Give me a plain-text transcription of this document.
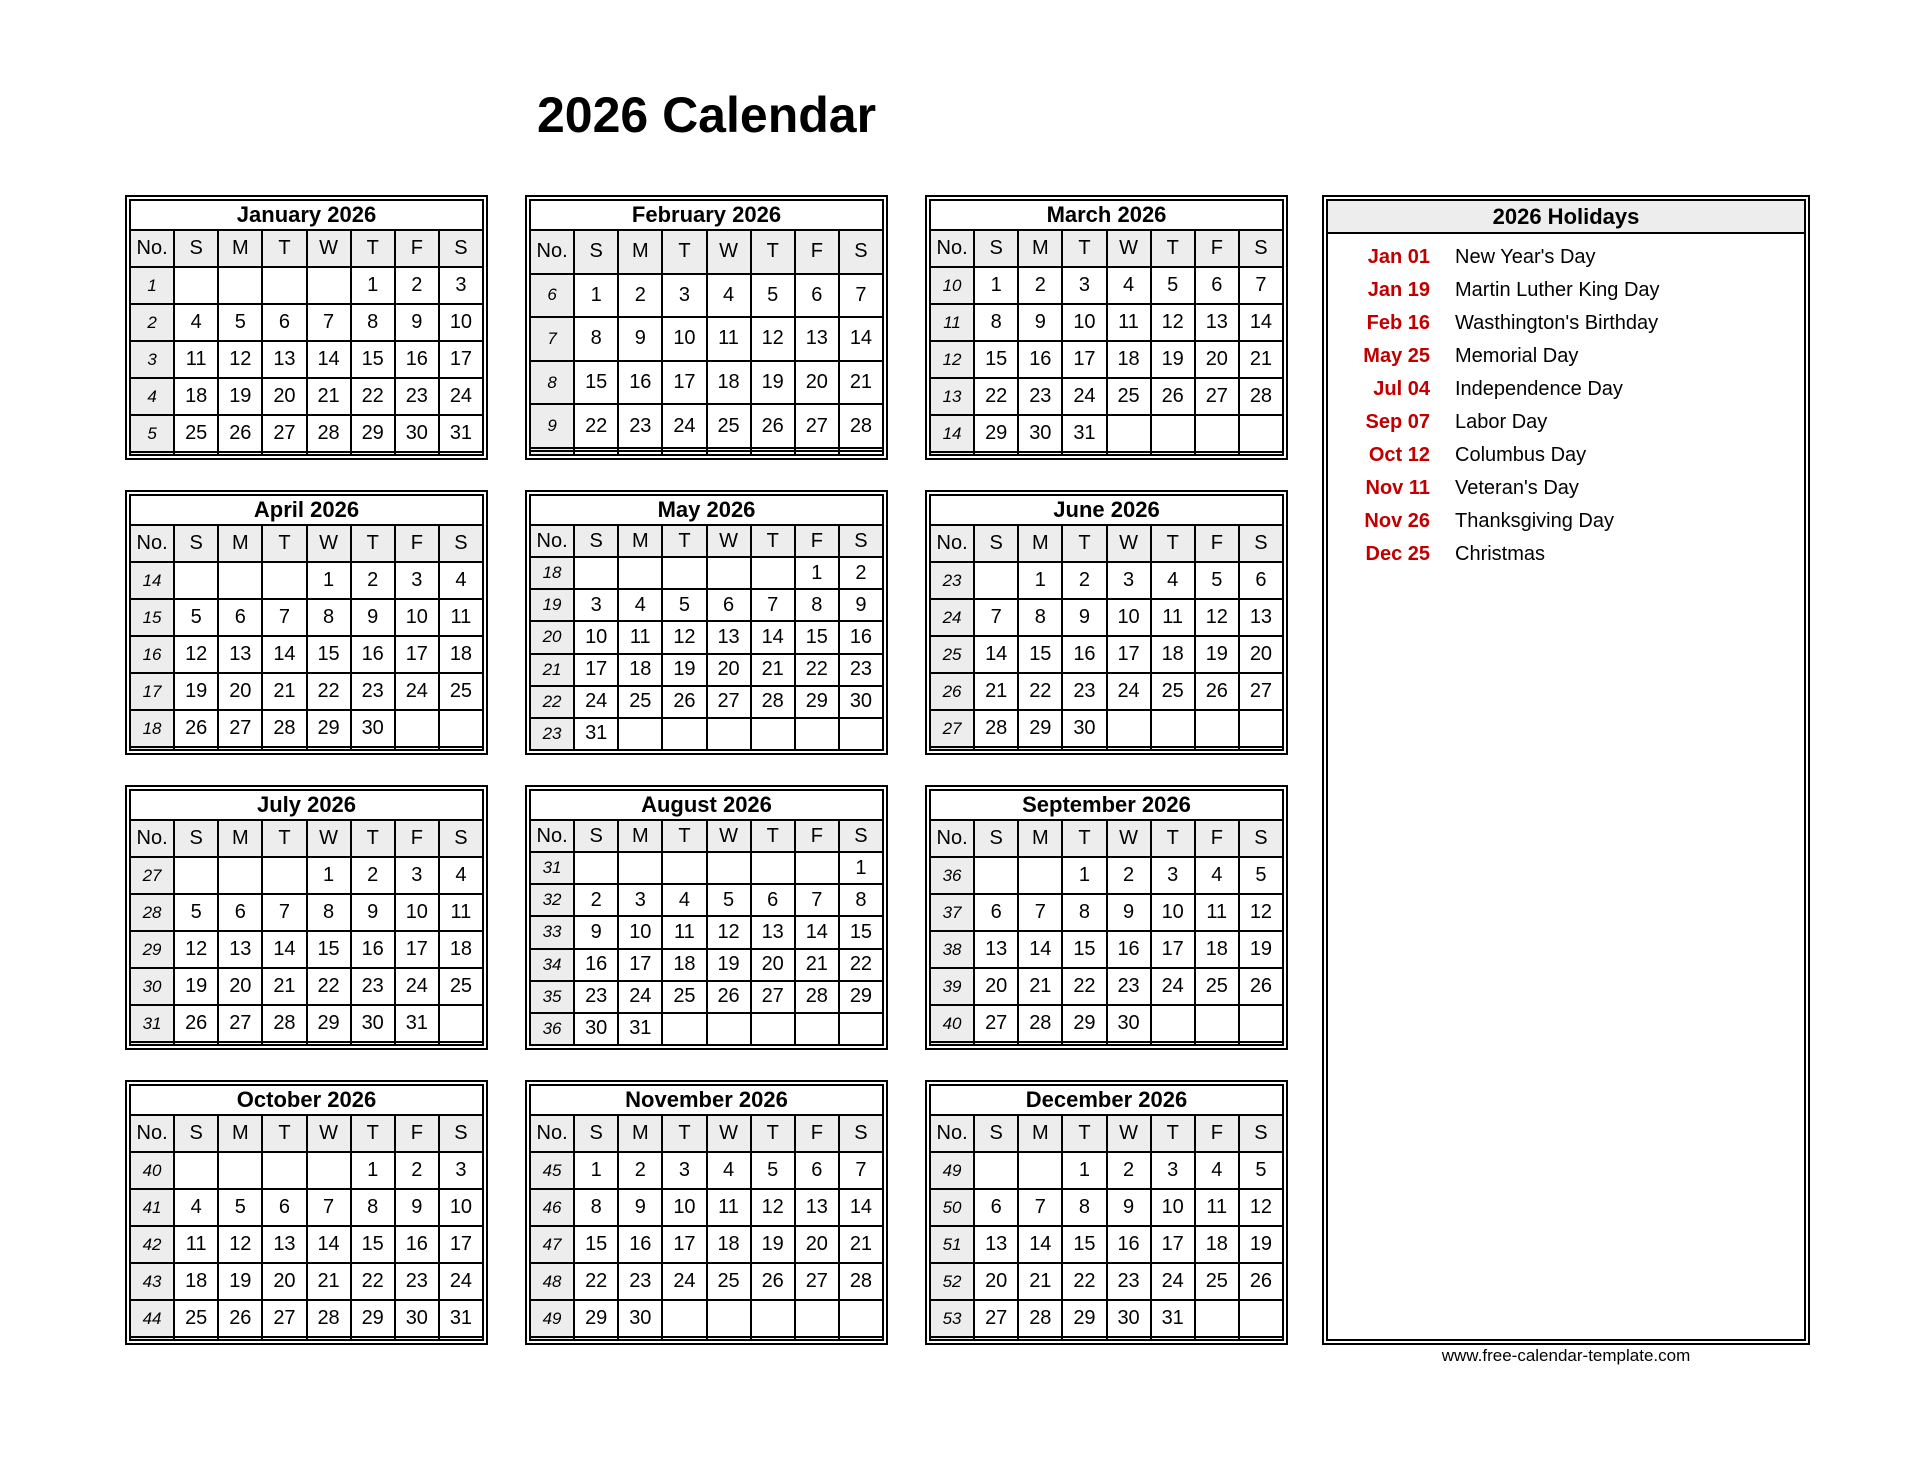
2026 Calendar
January 2026							
No.	S	M	T	W	T	F	S
1					1	2	3
2	4	5	6	7	8	9	10
3	11	12	13	14	15	16	17
4	18	19	20	21	22	23	24
5	25	26	27	28	29	30	31

February 2026							
No.	S	M	T	W	T	F	S
6	1	2	3	4	5	6	7
7	8	9	10	11	12	13	14
8	15	16	17	18	19	20	21
9	22	23	24	25	26	27	28

March 2026							
No.	S	M	T	W	T	F	S
10	1	2	3	4	5	6	7
11	8	9	10	11	12	13	14
12	15	16	17	18	19	20	21
13	22	23	24	25	26	27	28
14	29	30	31				

April 2026							
No.	S	M	T	W	T	F	S
14				1	2	3	4
15	5	6	7	8	9	10	11
16	12	13	14	15	16	17	18
17	19	20	21	22	23	24	25
18	26	27	28	29	30		

May 2026							
No.	S	M	T	W	T	F	S
18						1	2
19	3	4	5	6	7	8	9
20	10	11	12	13	14	15	16
21	17	18	19	20	21	22	23
22	24	25	26	27	28	29	30
23	31						
June 2026							
No.	S	M	T	W	T	F	S
23		1	2	3	4	5	6
24	7	8	9	10	11	12	13
25	14	15	16	17	18	19	20
26	21	22	23	24	25	26	27
27	28	29	30				

July 2026							
No.	S	M	T	W	T	F	S
27				1	2	3	4
28	5	6	7	8	9	10	11
29	12	13	14	15	16	17	18
30	19	20	21	22	23	24	25
31	26	27	28	29	30	31	

August 2026							
No.	S	M	T	W	T	F	S
31							1
32	2	3	4	5	6	7	8
33	9	10	11	12	13	14	15
34	16	17	18	19	20	21	22
35	23	24	25	26	27	28	29
36	30	31					
September 2026							
No.	S	M	T	W	T	F	S
36			1	2	3	4	5
37	6	7	8	9	10	11	12
38	13	14	15	16	17	18	19
39	20	21	22	23	24	25	26
40	27	28	29	30			

October 2026							
No.	S	M	T	W	T	F	S
40					1	2	3
41	4	5	6	7	8	9	10
42	11	12	13	14	15	16	17
43	18	19	20	21	22	23	24
44	25	26	27	28	29	30	31

November 2026							
No.	S	M	T	W	T	F	S
45	1	2	3	4	5	6	7
46	8	9	10	11	12	13	14
47	15	16	17	18	19	20	21
48	22	23	24	25	26	27	28
49	29	30					

December 2026							
No.	S	M	T	W	T	F	S
49			1	2	3	4	5
50	6	7	8	9	10	11	12
51	13	14	15	16	17	18	19
52	20	21	22	23	24	25	26
53	27	28	29	30	31		

2026 Holidays
Jan 01 New Year's Day
Jan 19 Martin Luther King Day
Feb 16 Wasthington's Birthday
May 25 Memorial Day
Jul 04 Independence Day
Sep 07 Labor Day
Oct 12 Columbus Day
Nov 11 Veteran's Day
Nov 26 Thanksgiving Day
Dec 25 Christmas
www.free-calendar-template.com
